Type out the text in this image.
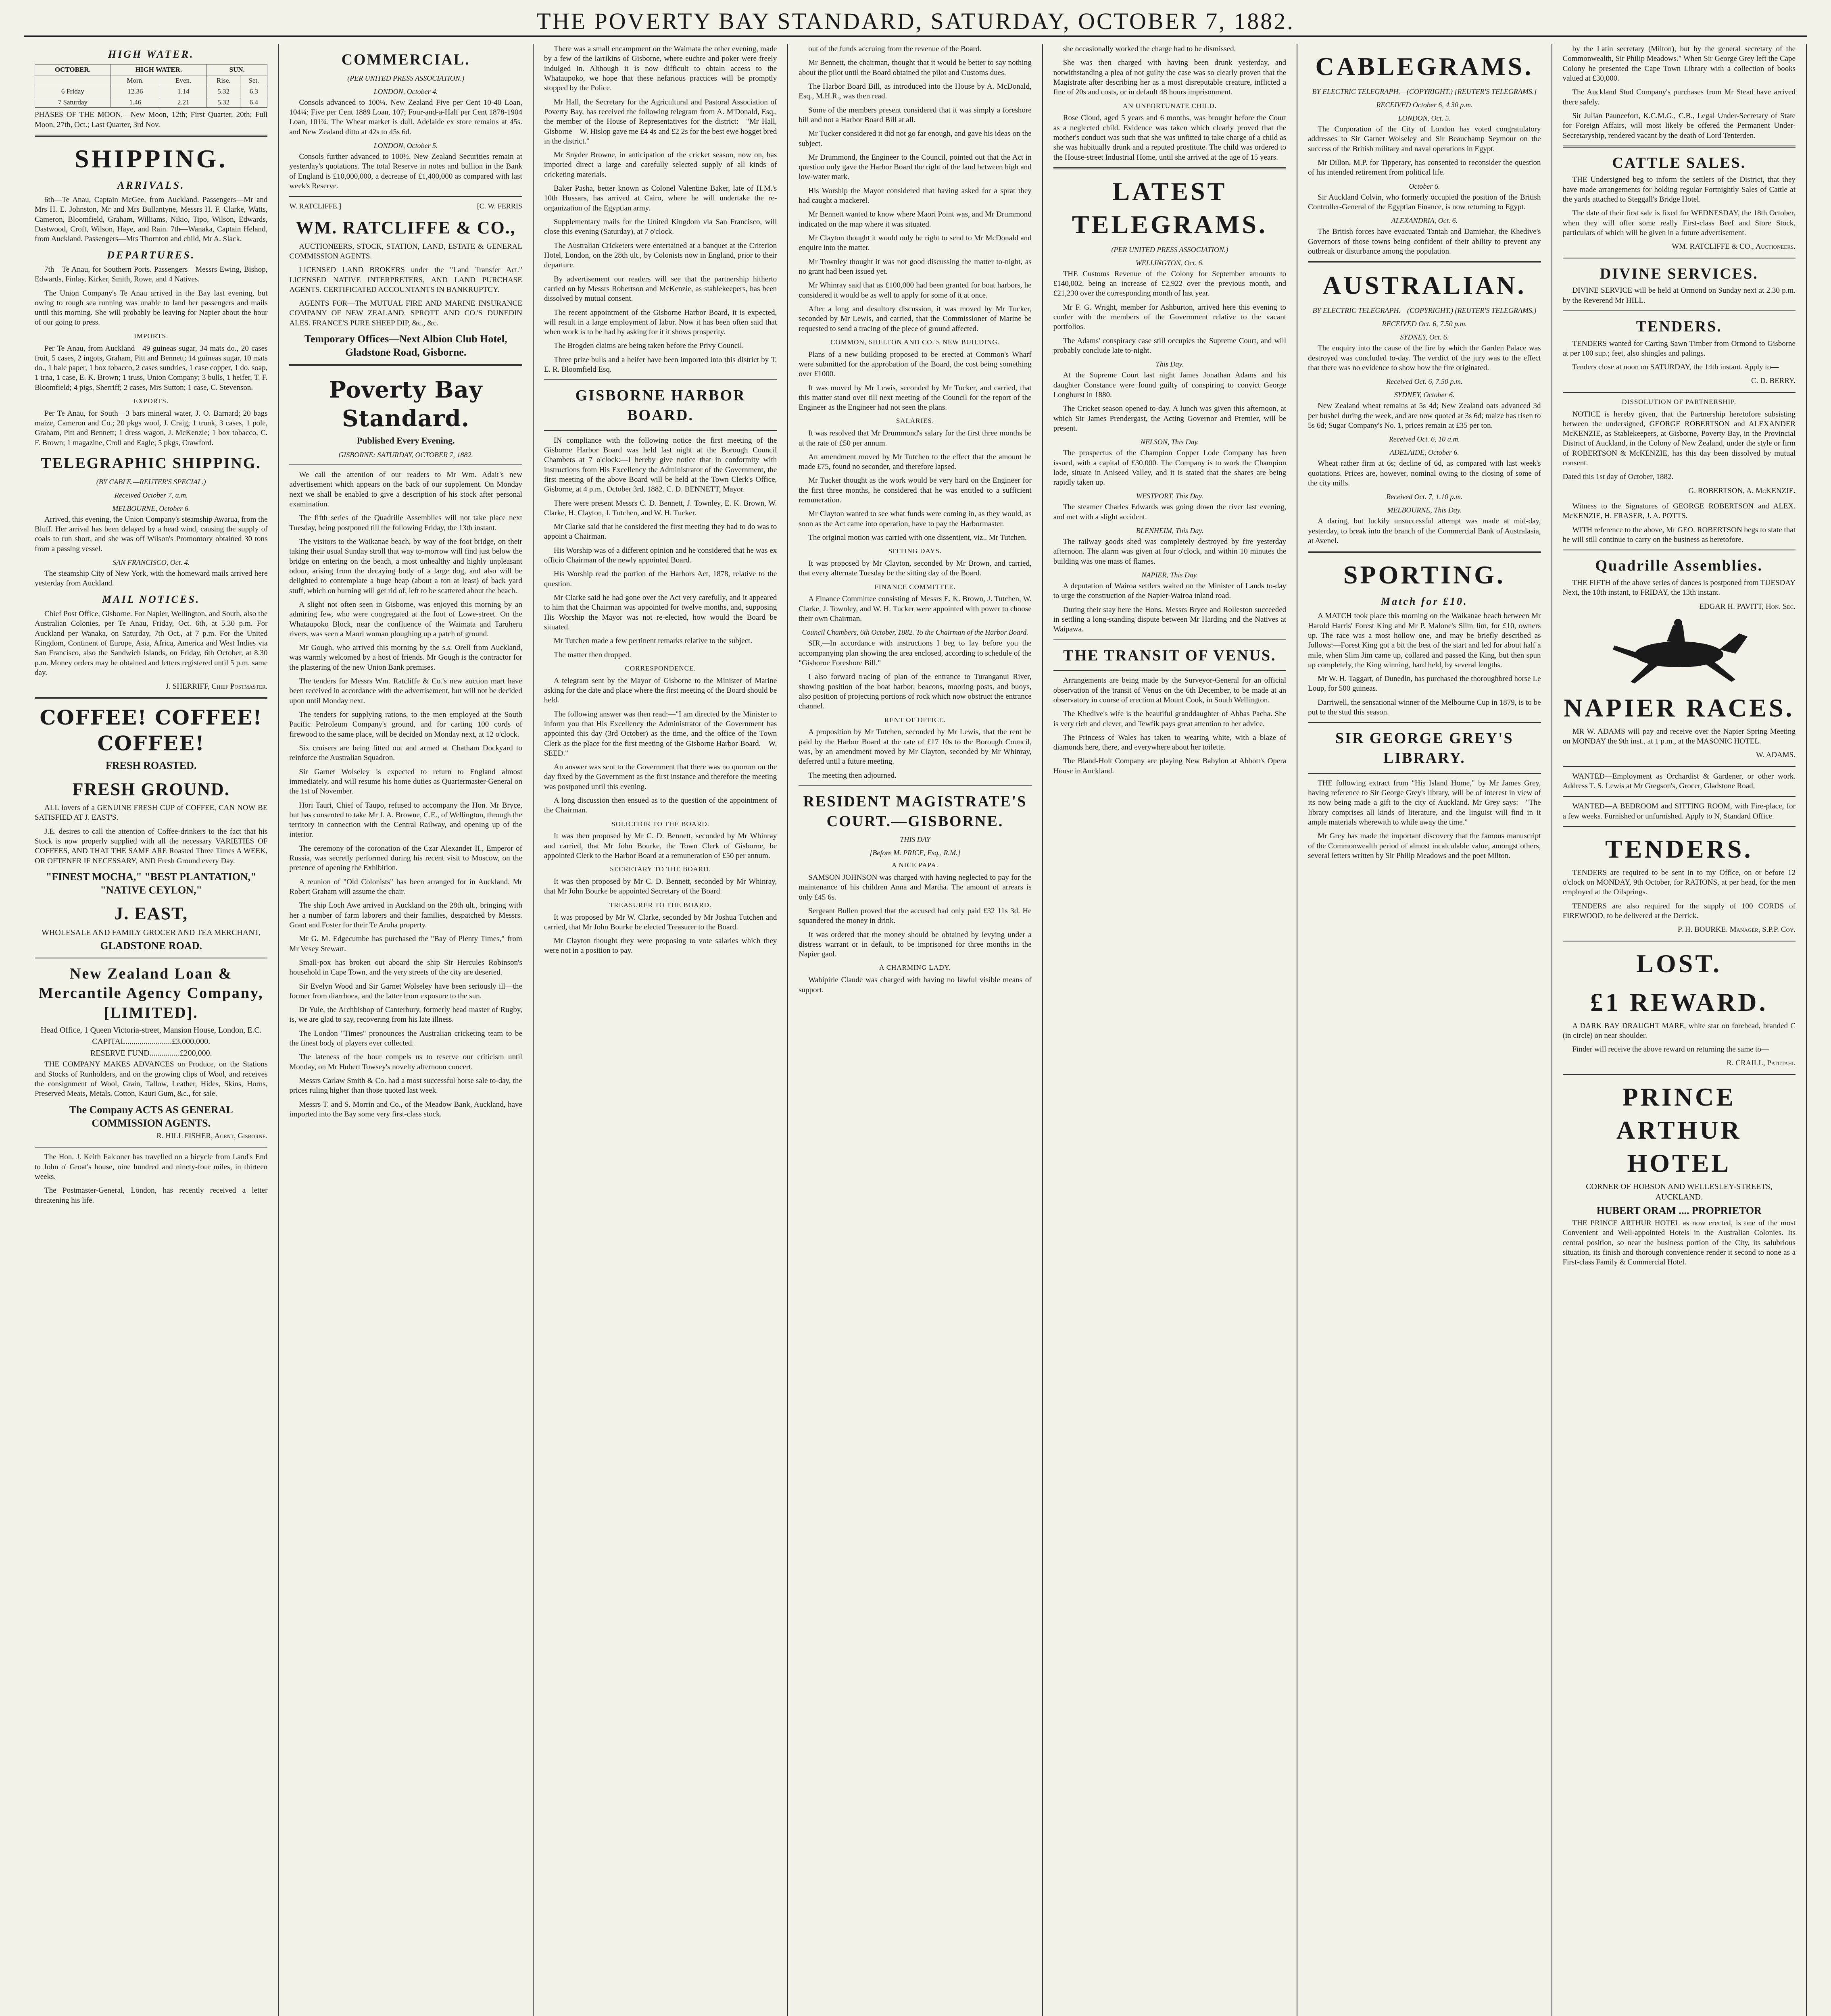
THE POVERTY BAY STANDARD, SATURDAY, OCTOBER 7, 1882.
HIGH WATER.
OCTOBER.	HIGH WATER.		SUN.	
	Morn.	Even.	Rise.	Set.
6 Friday	12.36	1.14	5.32	6.3
7 Saturday	1.46	2.21	5.32	6.4

PHASES OF THE MOON.—New Moon, 12th; First Quarter, 20th; Full Moon, 27th, Oct.; Last Quarter, 3rd Nov.

SHIPPING.
ARRIVALS.

6th—Te Anau, Captain McGee, from Auckland. Passengers—Mr and Mrs H. E. Johnston, Mr and Mrs Bullantyne, Messrs H. F. Clarke, Watts, Cameron, Bloomfield, Graham, Williams, Nikio, Tipo, Wilson, Edwards, Dastwood, Croft, Wilson, Haye, and Rain. 7th—Wanaka, Captain Heland, from Auckland. Passengers—Mrs Thornton and child, Mr A. Slack.

DEPARTURES.

7th—Te Anau, for Southern Ports. Passengers—Messrs Ewing, Bishop, Edwards, Finlay, Kirker, Smith, Rowe, and 4 Natives.

The Union Company's Te Anau arrived in the Bay last evening, but owing to rough sea running was unable to land her passengers and mails until this morning. She will probably be leaving for Napier about the hour of our going to press.

IMPORTS.

Per Te Anau, from Auckland—49 guineas sugar, 34 mats do., 20 cases fruit, 5 cases, 2 ingots, Graham, Pitt and Bennett; 14 guineas sugar, 10 mats do., 1 bale paper, 1 box tobacco, 2 cases sundries, 1 case copper, 1 do. soap, 1 trna, 1 case, E. K. Brown; 1 truss, Union Company; 3 bulls, 1 heifer, T. F. Bloomfield; 4 pigs, Sherriff; 2 cases, Mrs Sutton; 1 case, C. Stevenson.

EXPORTS.

Per Te Anau, for South—3 bars mineral water, J. O. Barnard; 20 bags maize, Cameron and Co.; 20 pkgs wool, J. Craig; 1 trunk, 3 cases, 1 pole, Graham, Pitt and Bennett; 1 dress wagon, J. McKenzie; 1 box tobacco, C. F. Brown; 1 magazine, Croll and Eagle; 5 pkgs, Crawford.

TELEGRAPHIC SHIPPING.
(BY CABLE.—REUTER'S SPECIAL.)
Received October 7, a.m.
MELBOURNE, October 6.

Arrived, this evening, the Union Company's steamship Awarua, from the Bluff. Her arrival has been delayed by a head wind, causing the supply of coals to run short, and she was off Wilson's Promontory obtained 30 tons from a passing vessel.

SAN FRANCISCO, Oct. 4.

The steamship City of New York, with the homeward mails arrived here yesterday from Auckland.

MAIL NOTICES.

Chief Post Office, Gisborne. For Napier, Wellington, and South, also the Australian Colonies, per Te Anau, Friday, Oct. 6th, at 5.30 p.m. For Auckland per Wanaka, on Saturday, 7th Oct., at 7 p.m. For the United Kingdom, Continent of Europe, Asia, Africa, America and West Indies via San Francisco, also the Sandwich Islands, on Friday, 6th October, at 8.30 p.m. Money orders may be obtained and letters registered until 5 p.m. same day.

J. SHERRIFF, Chief Postmaster.
COFFEE! COFFEE! COFFEE!
FRESH ROASTED.
FRESH GROUND.

ALL lovers of a GENUINE FRESH CUP of COFFEE, CAN NOW BE SATISFIED AT J. EAST'S.

J.E. desires to call the attention of Coffee-drinkers to the fact that his Stock is now properly supplied with all the necessary VARIETIES OF COFFEES, AND THAT THE SAME ARE Roasted Three Times A WEEK, OR OFTENER IF NECESSARY, AND Fresh Ground every Day.

"FINEST MOCHA," "BEST PLANTATION," "NATIVE CEYLON,"
J. EAST,
WHOLESALE AND FAMILY GROCER AND TEA MERCHANT,
GLADSTONE ROAD.
New Zealand Loan & Mercantile Agency Company, [LIMITED].
Head Office, 1 Queen Victoria-street, Mansion House, London, E.C.
CAPITAL.......................£3,000,000.
RESERVE FUND...............£200,000.

THE COMPANY MAKES ADVANCES on Produce, on the Stations and Stocks of Runholders, and on the growing clips of Wool, and receives the consignment of Wool, Grain, Tallow, Leather, Hides, Skins, Horns, Preserved Meats, Metals, Cotton, Kauri Gum, &c., for sale.

The Company ACTS AS GENERAL COMMISSION AGENTS.
R. HILL FISHER, Agent, Gisborne.

The Hon. J. Keith Falconer has travelled on a bicycle from Land's End to John o' Groat's house, nine hundred and ninety-four miles, in thirteen weeks.

The Postmaster-General, London, has recently received a letter threatening his life.

COMMERCIAL.
(PER UNITED PRESS ASSOCIATION.)
LONDON, October 4.

Consols advanced to 100¼. New Zealand Five per Cent 10-40 Loan, 104¼; Five per Cent 1889 Loan, 107; Four-and-a-Half per Cent 1878-1904 Loan, 101¾. The Wheat market is dull. Adelaide ex store remains at 45s. and New Zealand ditto at 42s to 45s 6d.

LONDON, October 5.

Consols further advanced to 100½. New Zealand Securities remain at yesterday's quotations. The total Reserve in notes and bullion in the Bank of England is £10,000,000, a decrease of £1,400,000 as compared with last week's Reserve.

W. RATCLIFFE.]	[C. W. FERRIS
WM. RATCLIFFE & CO.,

AUCTIONEERS, STOCK, STATION, LAND, ESTATE & GENERAL COMMISSION AGENTS.

LICENSED LAND BROKERS under the "Land Transfer Act." LICENSED NATIVE INTERPRETERS, AND LAND PURCHASE AGENTS. CERTIFICATED ACCOUNTANTS IN BANKRUPTCY.

AGENTS FOR—The MUTUAL FIRE AND MARINE INSURANCE COMPANY OF NEW ZEALAND. SPROTT AND CO.'S DUNEDIN ALES. FRANCE'S PURE SHEEP DIP, &c., &c.

Temporary Offices—Next Albion Club Hotel, Gladstone Road, Gisborne.
Poverty Bay Standard.
Published Every Evening.
GISBORNE: SATURDAY, OCTOBER 7, 1882.

We call the attention of our readers to Mr Wm. Adair's new advertisement which appears on the back of our supplement. On Monday next we shall be enabled to give a description of his stock after personal examination.

The fifth series of the Quadrille Assemblies will not take place next Tuesday, being postponed till the following Friday, the 13th instant.

The visitors to the Waikanae beach, by way of the foot bridge, on their taking their usual Sunday stroll that way to-morrow will find just below the bridge on entering on the beach, a most unhealthy and highly unpleasant odour, arising from the decaying body of a large dog, and also will be delighted to contemplate a huge heap (about a ton at least) of back yard stuff, which on burning will get rid of, left to be scattered about the beach.

A slight not often seen in Gisborne, was enjoyed this morning by an admiring few, who were congregated at the foot of Lowe-street. On the Whataupoko Block, near the confluence of the Waimata and Taruheru rivers, was seen a Maori woman ploughing up a patch of ground.

Mr Gough, who arrived this morning by the s.s. Orell from Auckland, was warmly welcomed by a host of friends. Mr Gough is the contractor for the plastering of the new Union Bank premises.

The tenders for Messrs Wm. Ratcliffe & Co.'s new auction mart have been received in accordance with the advertisement, but will not be decided upon until Monday next.

The tenders for supplying rations, to the men employed at the South Pacific Petroleum Company's ground, and for carting 100 cords of firewood to the same place, will be decided on Monday next, at 12 o'clock.

Six cruisers are being fitted out and armed at Chatham Dockyard to reinforce the Australian Squadron.

Sir Garnet Wolseley is expected to return to England almost immediately, and will resume his home duties as Quartermaster-General on the 1st of November.

Hori Tauri, Chief of Taupo, refused to accompany the Hon. Mr Bryce, but has consented to take Mr J. A. Browne, C.E., of Wellington, through the territory in connection with the Central Railway, and opening up of the interior.

The ceremony of the coronation of the Czar Alexander II., Emperor of Russia, was secretly performed during his recent visit to Moscow, on the pretence of opening the Exhibition.

A reunion of "Old Colonists" has been arranged for in Auckland. Mr Robert Graham will assume the chair.

The ship Loch Awe arrived in Auckland on the 28th ult., bringing with her a number of farm laborers and their families, despatched by Messrs. Grant and Foster for their Te Aroha property.

Mr G. M. Edgecumbe has purchased the "Bay of Plenty Times," from Mr Vesey Stewart.

Small-pox has broken out aboard the ship Sir Hercules Robinson's household in Cape Town, and the very streets of the city are deserted.

Sir Evelyn Wood and Sir Garnet Wolseley have been seriously ill—the former from diarrhoea, and the latter from exposure to the sun.

Dr Yule, the Archbishop of Canterbury, formerly head master of Rugby, is, we are glad to say, recovering from his late illness.

The London "Times" pronounces the Australian cricketing team to be the finest body of players ever collected.

The lateness of the hour compels us to reserve our criticism until Monday, on Mr Hubert Towsey's novelty afternoon concert.

Messrs Carlaw Smith & Co. had a most successful horse sale to-day, the prices ruling higher than those quoted last week.

Messrs T. and S. Morrin and Co., of the Meadow Bank, Auckland, have imported into the Bay some very first-class stock.

There was a small encampment on the Waimata the other evening, made by a few of the larrikins of Gisborne, where euchre and poker were freely indulged in. Although it is now difficult to obtain access to the Whataupoko, we hope that these nefarious practices will be promptly stopped by the Police.

Mr Hall, the Secretary for the Agricultural and Pastoral Association of Poverty Bay, has received the following telegram from A. M'Donald, Esq., the member of the House of Representatives for the district:—"Mr Hall, Gisborne—W. Hislop gave me £4 4s and £2 2s for the best ewe hogget bred in the district."

Mr Snyder Browne, in anticipation of the cricket season, now on, has imported direct a large and carefully selected supply of all kinds of cricketing materials.

Baker Pasha, better known as Colonel Valentine Baker, late of H.M.'s 10th Hussars, has arrived at Cairo, where he will undertake the re-organization of the Egyptian army.

Supplementary mails for the United Kingdom via San Francisco, will close this evening (Saturday), at 7 o'clock.

The Australian Cricketers were entertained at a banquet at the Criterion Hotel, London, on the 28th ult., by Colonists now in England, prior to their departure.

By advertisement our readers will see that the partnership hitherto carried on by Messrs Robertson and McKenzie, as stablekeepers, has been dissolved by mutual consent.

The recent appointment of the Gisborne Harbor Board, it is expected, will result in a large employment of labor. Now it has been often said that when work is to be had by asking for it it shows prosperity.

The Brogden claims are being taken before the Privy Council.

Three prize bulls and a heifer have been imported into this district by T. E. R. Bloomfield Esq.

GISBORNE HARBOR BOARD.

IN compliance with the following notice the first meeting of the Gisborne Harbor Board was held last night at the Borough Council Chambers at 7 o'clock:—I hereby give notice that in conformity with instructions from His Excellency the Administrator of the Government, the first meeting of the above Board will be held at the Town Clerk's Office, Gisborne, at 4 p.m., October 3rd, 1882. C. D. BENNETT, Mayor.

There were present Messrs C. D. Bennett, J. Townley, E. K. Brown, W. Clarke, H. Clayton, J. Tutchen, and W. H. Tucker.

Mr Clarke said that he considered the first meeting they had to do was to appoint a Chairman.

His Worship was of a different opinion and he considered that he was ex officio Chairman of the newly appointed Board.

His Worship read the portion of the Harbors Act, 1878, relative to the question.

Mr Clarke said he had gone over the Act very carefully, and it appeared to him that the Chairman was appointed for twelve months, and, supposing His Worship the Mayor was not re-elected, how would the Board be situated.

Mr Tutchen made a few pertinent remarks relative to the subject.

The matter then dropped.

CORRESPONDENCE.

A telegram sent by the Mayor of Gisborne to the Minister of Marine asking for the date and place where the first meeting of the Board should be held.

The following answer was then read:—"I am directed by the Minister to inform you that His Excellency the Administrator of the Government has appointed this day (3rd October) as the time, and the office of the Town Clerk as the place for the first meeting of the Gisborne Harbor Board.—W. SEED."

An answer was sent to the Government that there was no quorum on the day fixed by the Government as the first instance and therefore the meeting was postponed until this evening.

A long discussion then ensued as to the question of the appointment of the Chairman.

SOLICITOR TO THE BOARD.

It was then proposed by Mr C. D. Bennett, seconded by Mr Whinray and carried, that Mr John Bourke, the Town Clerk of Gisborne, be appointed Clerk to the Harbor Board at a remuneration of £50 per annum.

SECRETARY TO THE BOARD.

It was then proposed by Mr C. D. Bennett, seconded by Mr Whinray, that Mr John Bourke be appointed Secretary of the Board.

TREASURER TO THE BOARD.

It was proposed by Mr W. Clarke, seconded by Mr Joshua Tutchen and carried, that Mr John Bourke be elected Treasurer to the Board.

Mr Clayton thought they were proposing to vote salaries which they were not in a position to pay.

out of the funds accruing from the revenue of the Board.

Mr Bennett, the chairman, thought that it would be better to say nothing about the pilot until the Board obtained the pilot and Customs dues.

The Harbor Board Bill, as introduced into the House by A. McDonald, Esq., M.H.R., was then read.

Some of the members present considered that it was simply a foreshore bill and not a Harbor Board Bill at all.

Mr Tucker considered it did not go far enough, and gave his ideas on the subject.

Mr Drummond, the Engineer to the Council, pointed out that the Act in question only gave the Harbor Board the right of the land between high and low-water mark.

His Worship the Mayor considered that having asked for a sprat they had caught a mackerel.

Mr Bennett wanted to know where Maori Point was, and Mr Drummond indicated on the map where it was situated.

Mr Clayton thought it would only be right to send to Mr McDonald and enquire into the matter.

Mr Townley thought it was not good discussing the matter to-night, as no grant had been issued yet.

Mr Whinray said that as £100,000 had been granted for boat harbors, he considered it would be as well to apply for some of it at once.

After a long and desultory discussion, it was moved by Mr Tucker, seconded by Mr Lewis, and carried, that the Commissioner of Marine be requested to send a tracing of the piece of ground affected.

COMMON, SHELTON AND CO.'S NEW BUILDING.

Plans of a new building proposed to be erected at Common's Wharf were submitted for the approbation of the Board, the cost being something over £1000.

It was moved by Mr Lewis, seconded by Mr Tucker, and carried, that this matter stand over till next meeting of the Council for the report of the Engineer as the Engineer had not seen the plans.

SALARIES.

It was resolved that Mr Drummond's salary for the first three months be at the rate of £50 per annum.

An amendment moved by Mr Tutchen to the effect that the amount be made £75, found no seconder, and therefore lapsed.

Mr Tucker thought as the work would be very hard on the Engineer for the first three months, he considered that he was entitled to a sufficient remuneration.

Mr Clayton wanted to see what funds were coming in, as they would, as soon as the Act came into operation, have to pay the Harbormaster.

The original motion was carried with one dissentient, viz., Mr Tutchen.

SITTING DAYS.

It was proposed by Mr Clayton, seconded by Mr Brown, and carried, that every alternate Tuesday be the sitting day of the Board.

FINANCE COMMITTEE.

A Finance Committee consisting of Messrs E. K. Brown, J. Tutchen, W. Clarke, J. Townley, and W. H. Tucker were appointed with power to choose their own Chairman.

Council Chambers, 6th October, 1882. To the Chairman of the Harbor Board.

SIR,—In accordance with instructions I beg to lay before you the accompanying plan showing the area enclosed, according to schedule of the "Gisborne Foreshore Bill."

I also forward tracing of plan of the entrance to Turanganui River, showing position of the boat harbor, beacons, mooring posts, and buoys, also position of projecting portions of rock which now obstruct the entrance channel.

RENT OF OFFICE.

A proposition by Mr Tutchen, seconded by Mr Lewis, that the rent be paid by the Harbor Board at the rate of £17 10s to the Borough Council, was, by an amendment moved by Mr Clayton, seconded by Mr Whinray, deferred until a future meeting.

The meeting then adjourned.

RESIDENT MAGISTRATE'S COURT.—GISBORNE.
THIS DAY
[Before M. PRICE, Esq., R.M.]
A NICE PAPA.

SAMSON JOHNSON was charged with having neglected to pay for the maintenance of his children Anna and Martha. The amount of arrears is only £45 6s.

Sergeant Bullen proved that the accused had only paid £32 11s 3d. He squandered the money in drink.

It was ordered that the money should be obtained by levying under a distress warrant or in default, to be imprisoned for three months in the Napier gaol.

A CHARMING LADY.

Wahipirie Claude was charged with having no lawful visible means of support.

she occasionally worked the charge had to be dismissed.

She was then charged with having been drunk yesterday, and notwithstanding a plea of not guilty the case was so clearly proven that the Magistrate after describing her as a most disreputable creature, inflicted a fine of 20s and costs, or in default 48 hours imprisonment.

AN UNFORTUNATE CHILD.

Rose Cloud, aged 5 years and 6 months, was brought before the Court as a neglected child. Evidence was taken which clearly proved that the mother's conduct was such that she was unfitted to take charge of a child as she was habitually drunk and a reputed prostitute. The child was ordered to the House-street Industrial Home, until she arrived at the age of 15 years.

LATEST TELEGRAMS.
(PER UNITED PRESS ASSOCIATION.)
WELLINGTON, Oct. 6.

THE Customs Revenue of the Colony for September amounts to £140,002, being an increase of £2,922 over the previous month, and £21,230 over the corresponding month of last year.

Mr F. G. Wright, member for Ashburton, arrived here this evening to confer with the members of the Government relative to the vacant portfolios.

The Adams' conspiracy case still occupies the Supreme Court, and will probably conclude late to-night.

This Day.

At the Supreme Court last night James Jonathan Adams and his daughter Constance were found guilty of conspiring to convict George Longhurst in 1880.

The Cricket season opened to-day. A lunch was given this afternoon, at which Sir James Prendergast, the Acting Governor and Premier, will be present.

NELSON, This Day.

The prospectus of the Champion Copper Lode Company has been issued, with a capital of £30,000. The Company is to work the Champion lode, situate in Aniseed Valley, and it is stated that the shares are being rapidly taken up.

WESTPORT, This Day.

The steamer Charles Edwards was going down the river last evening, and met with a slight accident.

BLENHEIM, This Day.

The railway goods shed was completely destroyed by fire yesterday afternoon. The alarm was given at four o'clock, and within 10 minutes the building was one mass of flames.

NAPIER, This Day.

A deputation of Wairoa settlers waited on the Minister of Lands to-day to urge the construction of the Napier-Wairoa inland road.

During their stay here the Hons. Messrs Bryce and Rolleston succeeded in settling a long-standing dispute between Mr Harding and the Natives at Waipawa.

THE TRANSIT OF VENUS.

Arrangements are being made by the Surveyor-General for an official observation of the transit of Venus on the 6th December, to be made at an observatory in course of erection at Mount Cook, in South Wellington.

The Khedive's wife is the beautiful granddaughter of Abbas Pacha. She is very rich and clever, and Tewfik pays great attention to her advice.

The Princess of Wales has taken to wearing white, with a blaze of diamonds here, there, and everywhere about her toilette.

The Bland-Holt Company are playing New Babylon at Abbott's Opera House in Auckland.

CABLEGRAMS.
BY ELECTRIC TELEGRAPH.—(COPYRIGHT.) [REUTER'S TELEGRAMS.]
RECEIVED October 6, 4.30 p.m.
LONDON, Oct. 5.

The Corporation of the City of London has voted congratulatory addresses to Sir Garnet Wolseley and Sir Beauchamp Seymour on the success of the British military and naval operations in Egypt.

Mr Dillon, M.P. for Tipperary, has consented to reconsider the question of his intended retirement from political life.

October 6.

Sir Auckland Colvin, who formerly occupied the position of the British Controller-General of the Egyptian Finance, is now returning to Egypt.

ALEXANDRIA, Oct. 6.

The British forces have evacuated Tantah and Damiehar, the Khedive's Governors of those towns being confident of their ability to prevent any outbreak or disturbance among the population.

AUSTRALIAN.
BY ELECTRIC TELEGRAPH.—(COPYRIGHT.) (REUTER'S TELEGRAMS.)
RECEIVED Oct. 6, 7.50 p.m.
SYDNEY, Oct. 6.

The enquiry into the cause of the fire by which the Garden Palace was destroyed was concluded to-day. The verdict of the jury was to the effect that there was no evidence to show how the fire originated.

Received Oct. 6, 7.50 p.m.
SYDNEY, October 6.

New Zealand wheat remains at 5s 4d; New Zealand oats advanced 3d per bushel during the week, and are now quoted at 3s 6d; maize has risen to 5s 6d; Sugar Company's No. 1, prices remain at £35 per ton.

Received Oct. 6, 10 a.m.
ADELAIDE, October 6.

Wheat rather firm at 6s; decline of 6d, as compared with last week's quotations. Prices are, however, nominal owing to the closing of some of the city mills.

Received Oct. 7, 1.10 p.m.
MELBOURNE, This Day.

A daring, but luckily unsuccessful attempt was made at mid-day, yesterday, to break into the branch of the Commercial Bank of Australasia, at Avenel.

SPORTING.
Match for £10.

A MATCH took place this morning on the Waikanae beach between Mr Harold Harris' Forest King and Mr P. Malone's Slim Jim, for £10, owners up. The race was a most hollow one, and may be briefly described as follows:—Forest King got a bit the best of the start and led for about half a mile, when Slim Jim came up, collared and passed the King, but then spun up completely, the King winning, hard held, by several lengths.

Mr W. H. Taggart, of Dunedin, has purchased the thoroughbred horse Le Loup, for 500 guineas.

Darriwell, the sensational winner of the Melbourne Cup in 1879, is to be put to the stud this season.

SIR GEORGE GREY'S LIBRARY.

THE following extract from "His Island Home," by Mr James Grey, having reference to Sir George Grey's library, will be of interest in view of its now being made a gift to the city of Auckland. Mr Grey says:—"The library comprises all kinds of literature, and the linguist will find in it ample materials wherewith to while away the time."

Mr Grey has made the important discovery that the famous manuscript of the Commonwealth period of almost incalculable value, amongst others, several letters written by Sir Philip Meadows and the poet Milton.

by the Latin secretary (Milton), but by the general secretary of the Commonwealth, Sir Philip Meadows." When Sir George Grey left the Cape Colony he presented the Cape Town Library with a collection of books valued at £30,000.

The Auckland Stud Company's purchases from Mr Stead have arrived there safely.

Sir Julian Pauncefort, K.C.M.G., C.B., Legal Under-Secretary of State for Foreign Affairs, will most likely be offered the Permanent Under-Secretaryship, rendered vacant by the death of Lord Tenterden.

CATTLE SALES.

THE Undersigned beg to inform the settlers of the District, that they have made arrangements for holding regular Fortnightly Sales of Cattle at the yards attached to Steggall's Bridge Hotel.

The date of their first sale is fixed for WEDNESDAY, the 18th October, when they will offer some really First-class Beef and Store Stock, particulars of which will be given in a future advertisement.

WM. RATCLIFFE & CO., Auctioneers.
DIVINE SERVICES.

DIVINE SERVICE will be held at Ormond on Sunday next at 2.30 p.m. by the Reverend Mr HILL.

TENDERS.

TENDERS wanted for Carting Sawn Timber from Ormond to Gisborne at per 100 sup.; feet, also shingles and palings.

Tenders close at noon on SATURDAY, the 14th instant. Apply to—

C. D. BERRY.
DISSOLUTION OF PARTNERSHIP.

NOTICE is hereby given, that the Partnership heretofore subsisting between the undersigned, GEORGE ROBERTSON and ALEXANDER McKENZIE, as Stablekeepers, at Gisborne, Poverty Bay, in the Provincial District of Auckland, in the Colony of New Zealand, under the style or firm of ROBERTSON & McKENZIE, has this day been dissolved by mutual consent.

Dated this 1st day of October, 1882.

G. ROBERTSON, A. McKENZIE.

Witness to the Signatures of GEORGE ROBERTSON and ALEX. McKENZIE, H. FRASER, J. A. POTTS.

WITH reference to the above, Mr GEO. ROBERTSON begs to state that he will still continue to carry on the business as heretofore.

Quadrille Assemblies.

THE FIFTH of the above series of dances is postponed from TUESDAY Next, the 10th instant, to FRIDAY, the 13th instant.

EDGAR H. PAVITT, Hon. Sec.
NAPIER RACES.

MR W. ADAMS will pay and receive over the Napier Spring Meeting on MONDAY the 9th inst., at 1 p.m., at the MASONIC HOTEL.

W. ADAMS.

WANTED—Employment as Orchardist & Gardener, or other work. Address T. S. Lewis at Mr Gregson's, Grocer, Gladstone Road.

WANTED—A BEDROOM and SITTING ROOM, with Fire-place, for a few weeks. Furnished or unfurnished. Apply to N, Standard Office.

TENDERS.

TENDERS are required to be sent in to my Office, on or before 12 o'clock on MONDAY, 9th October, for RATIONS, at per head, for the men employed at the Oilsprings.

TENDERS are also required for the supply of 100 CORDS of FIREWOOD, to be delivered at the Derrick.

P. H. BOURKE. Manager, S.P.P. Coy.
LOST.
£1 REWARD.

A DARK BAY DRAUGHT MARE, white star on forehead, branded C (in circle) on near shoulder.

Finder will receive the above reward on returning the same to—

R. CRAILL, Patutahi.
PRINCE ARTHUR HOTEL
CORNER OF HOBSON AND WELLESLEY-STREETS, AUCKLAND.
HUBERT ORAM .... PROPRIETOR

THE PRINCE ARTHUR HOTEL as now erected, is one of the most Convenient and Well-appointed Hotels in the Australian Colonies. Its central position, so near the business portion of the City, its salubrious situation, its finish and thorough convenience render it second to none as a First-class Family & Commercial Hotel.
